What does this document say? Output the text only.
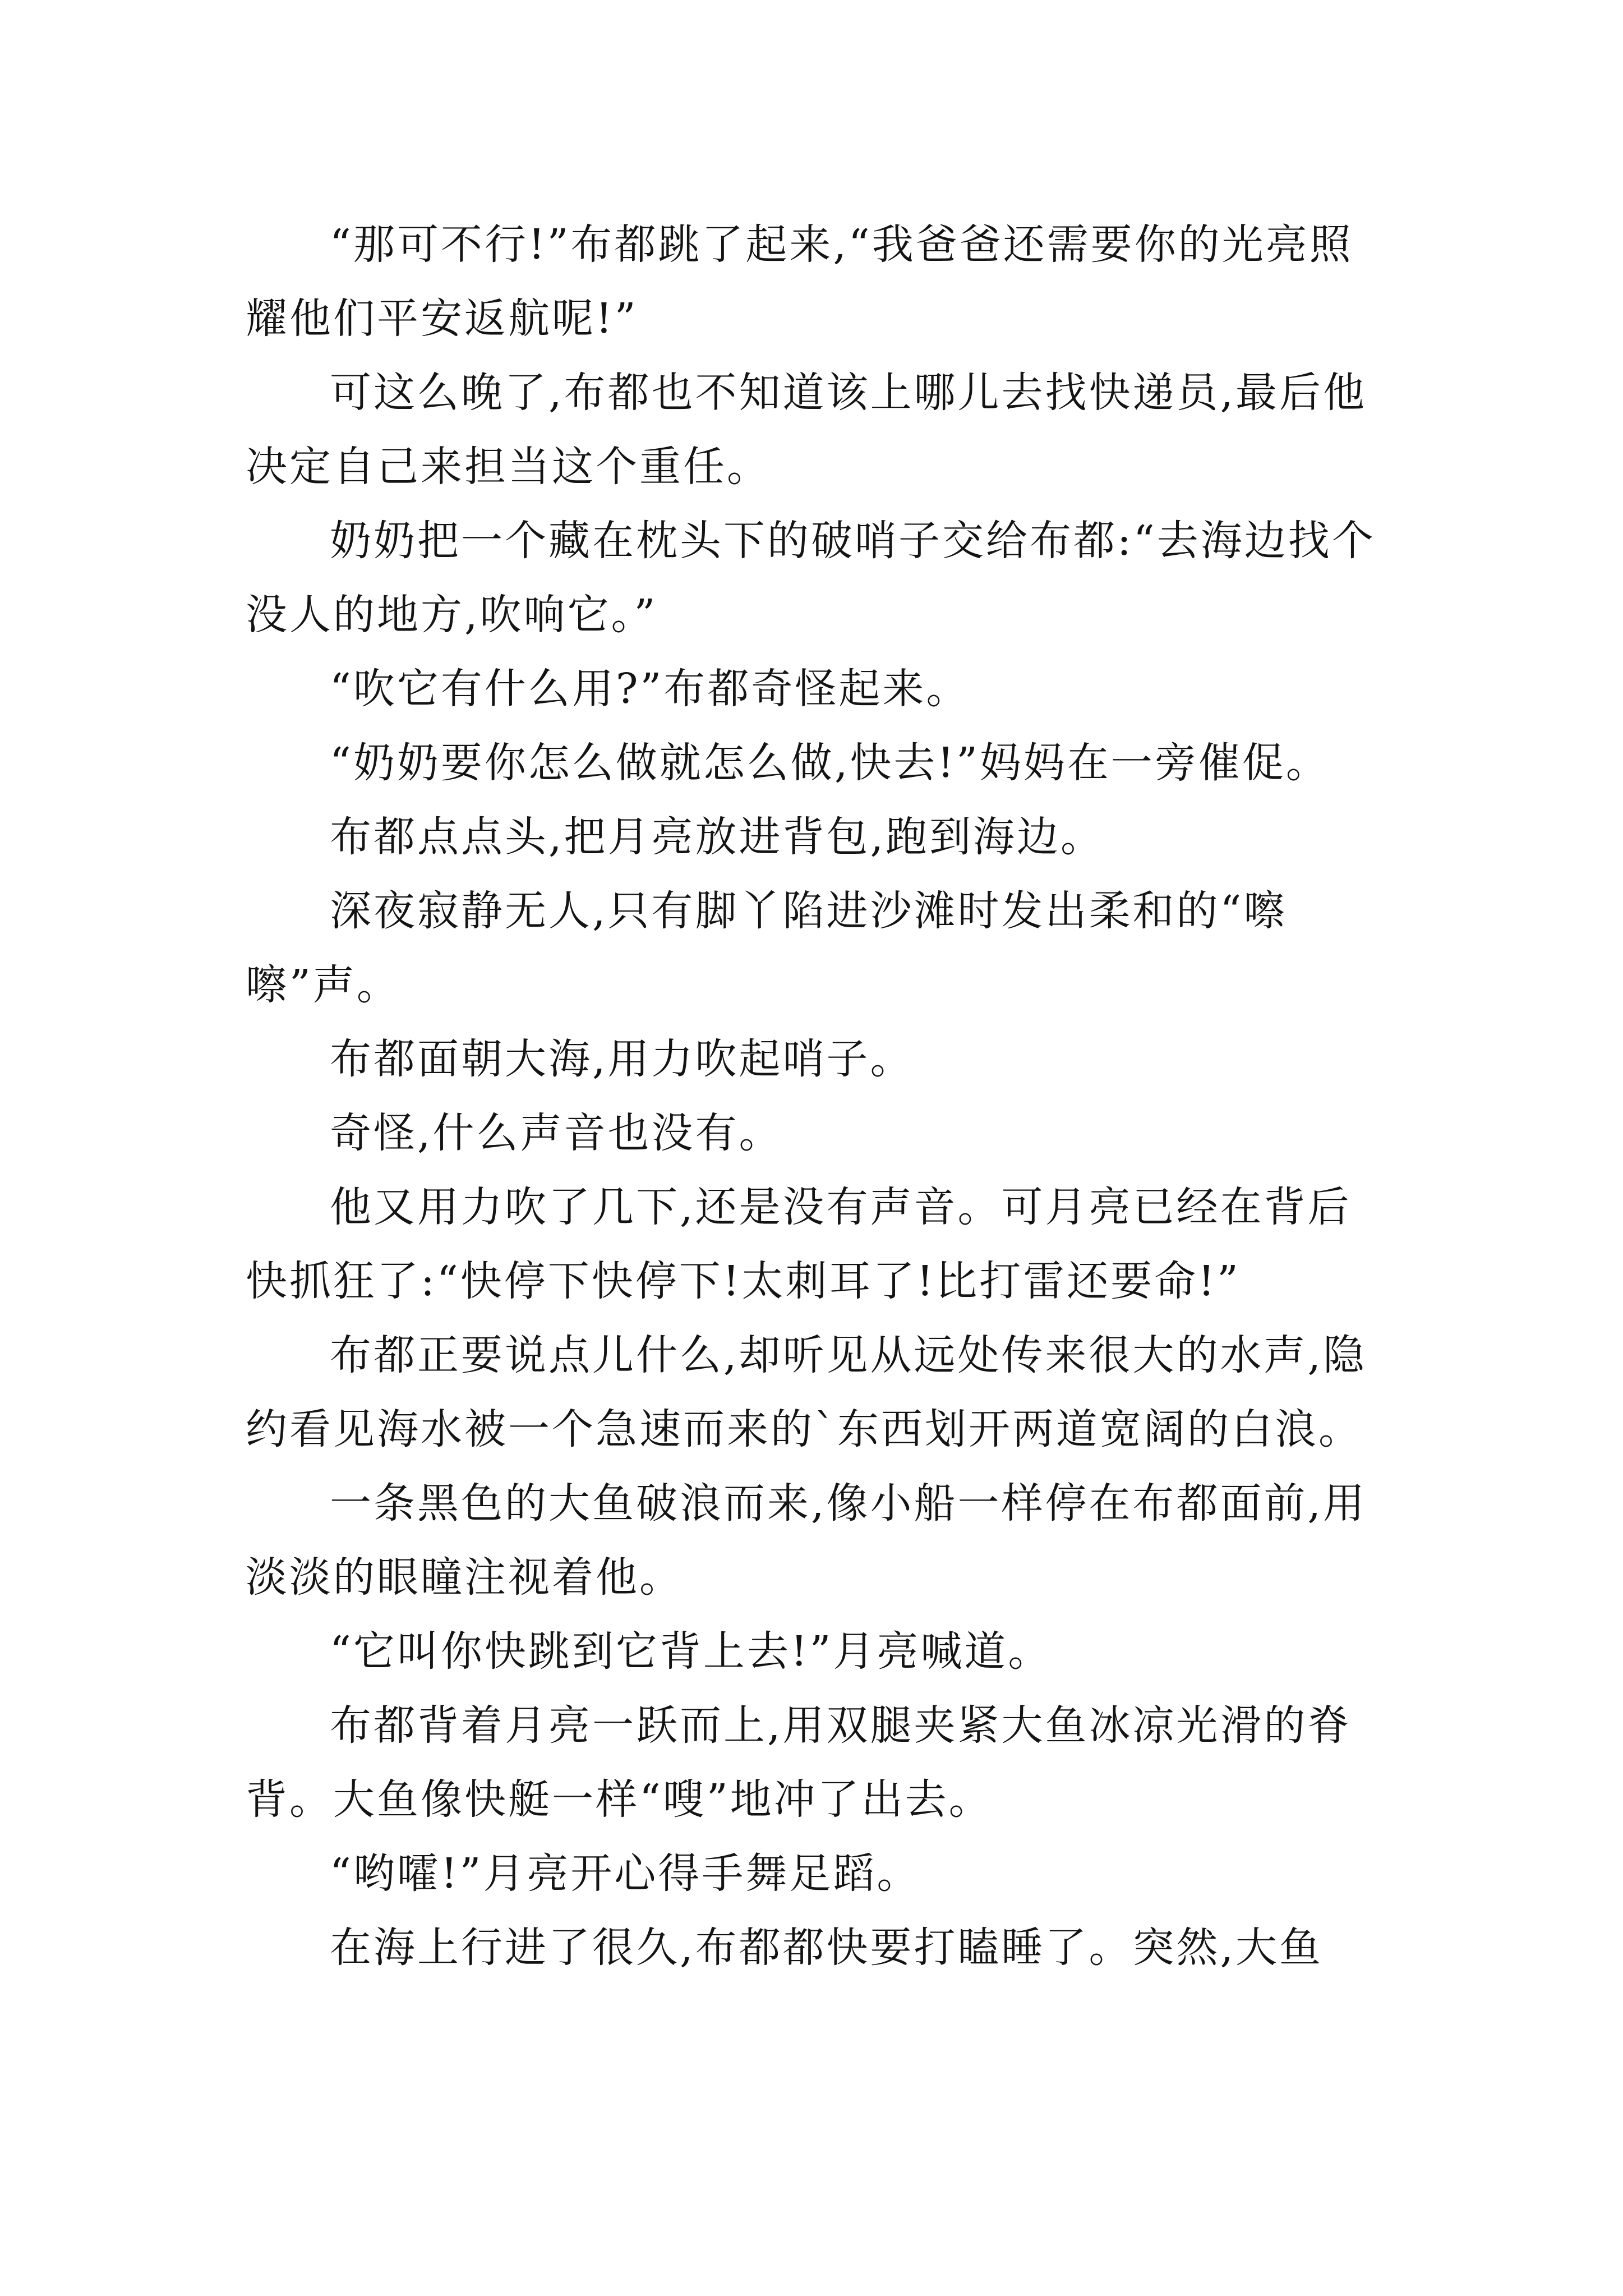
“那可不行!”布都跳了起来,“我爸爸还需要你的光亮照耀他们平安返航呢!”

可这么晚了,布都也不知道该上哪儿去找快递员,最后他决定自己来担当这个重任。

奶奶把一个藏在枕头下的破哨子交给布都:“去海边找个没人的地方,吹响它。”

“吹它有什么用?”布都奇怪起来。

“奶奶要你怎么做就怎么做,快去!”妈妈在一旁催促。

布都点点头,把月亮放进背包,跑到海边。

深夜寂静无人,只有脚丫陷进沙滩时发出柔和的“嚓嚓”声。

布都面朝大海,用力吹起哨子。

奇怪,什么声音也没有。

他又用力吹了几下,还是没有声音。可月亮已经在背后快抓狂了:“快停下快停下!太刺耳了!比打雷还要命!”

布都正要说点儿什么,却听见从远处传来很大的水声,隐约看见海水被一个急速而来的`东西划开两道宽阔的白浪。

一条黑色的大鱼破浪而来,像小船一样停在布都面前,用淡淡的眼瞳注视着他。

“它叫你快跳到它背上去!”月亮喊道。

布都背着月亮一跃而上,用双腿夹紧大鱼冰凉光滑的脊背。大鱼像快艇一样“嗖”地冲了出去。

“哟嚯!”月亮开心得手舞足蹈。

在海上行进了很久,布都都快要打瞌睡了。突然,大鱼
